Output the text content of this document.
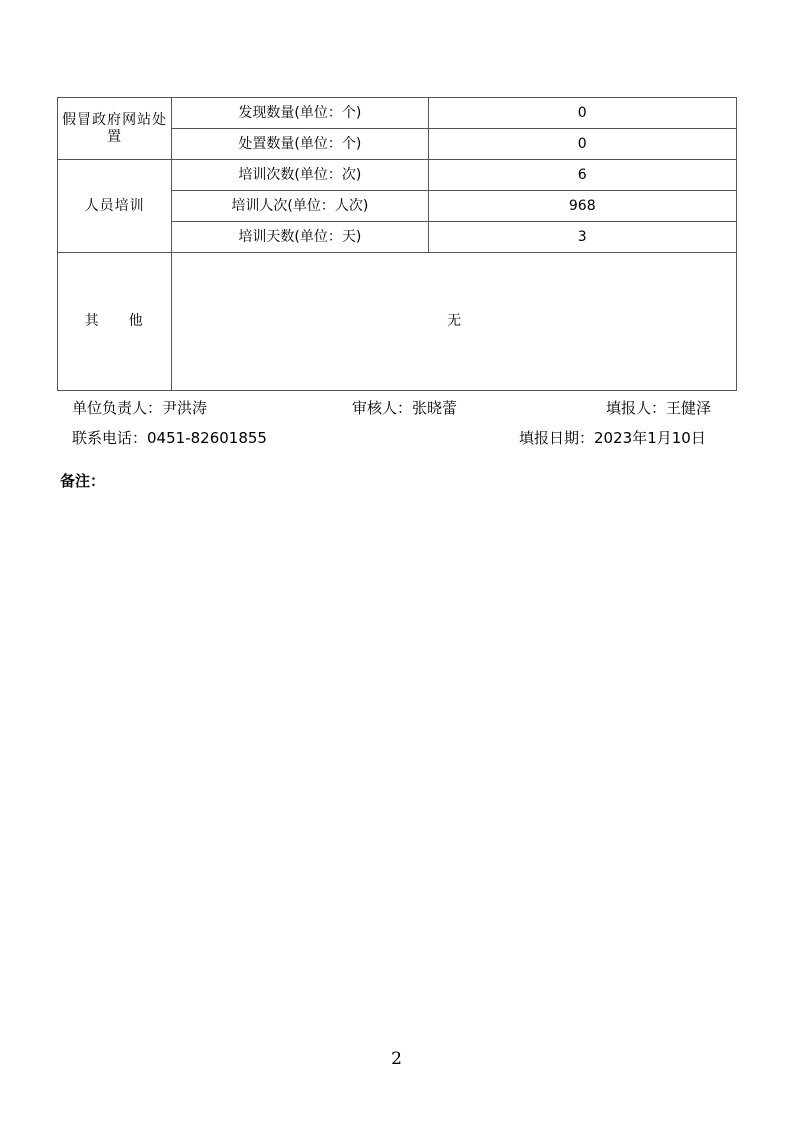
假冒政府网站处置	发现数量(单位：个)	0
	处置数量(单位：个)	0
人员培训	培训次数(单位：次)	6
	培训人次(单位：人次)	968
	培训天数(单位：天)	3
其 他	无	
单位负责人：尹洪涛	审核人：张晓蕾	填报人：王健泽
联系电话：0451-82601855	填报日期：2023年1月10日
备注：
2
